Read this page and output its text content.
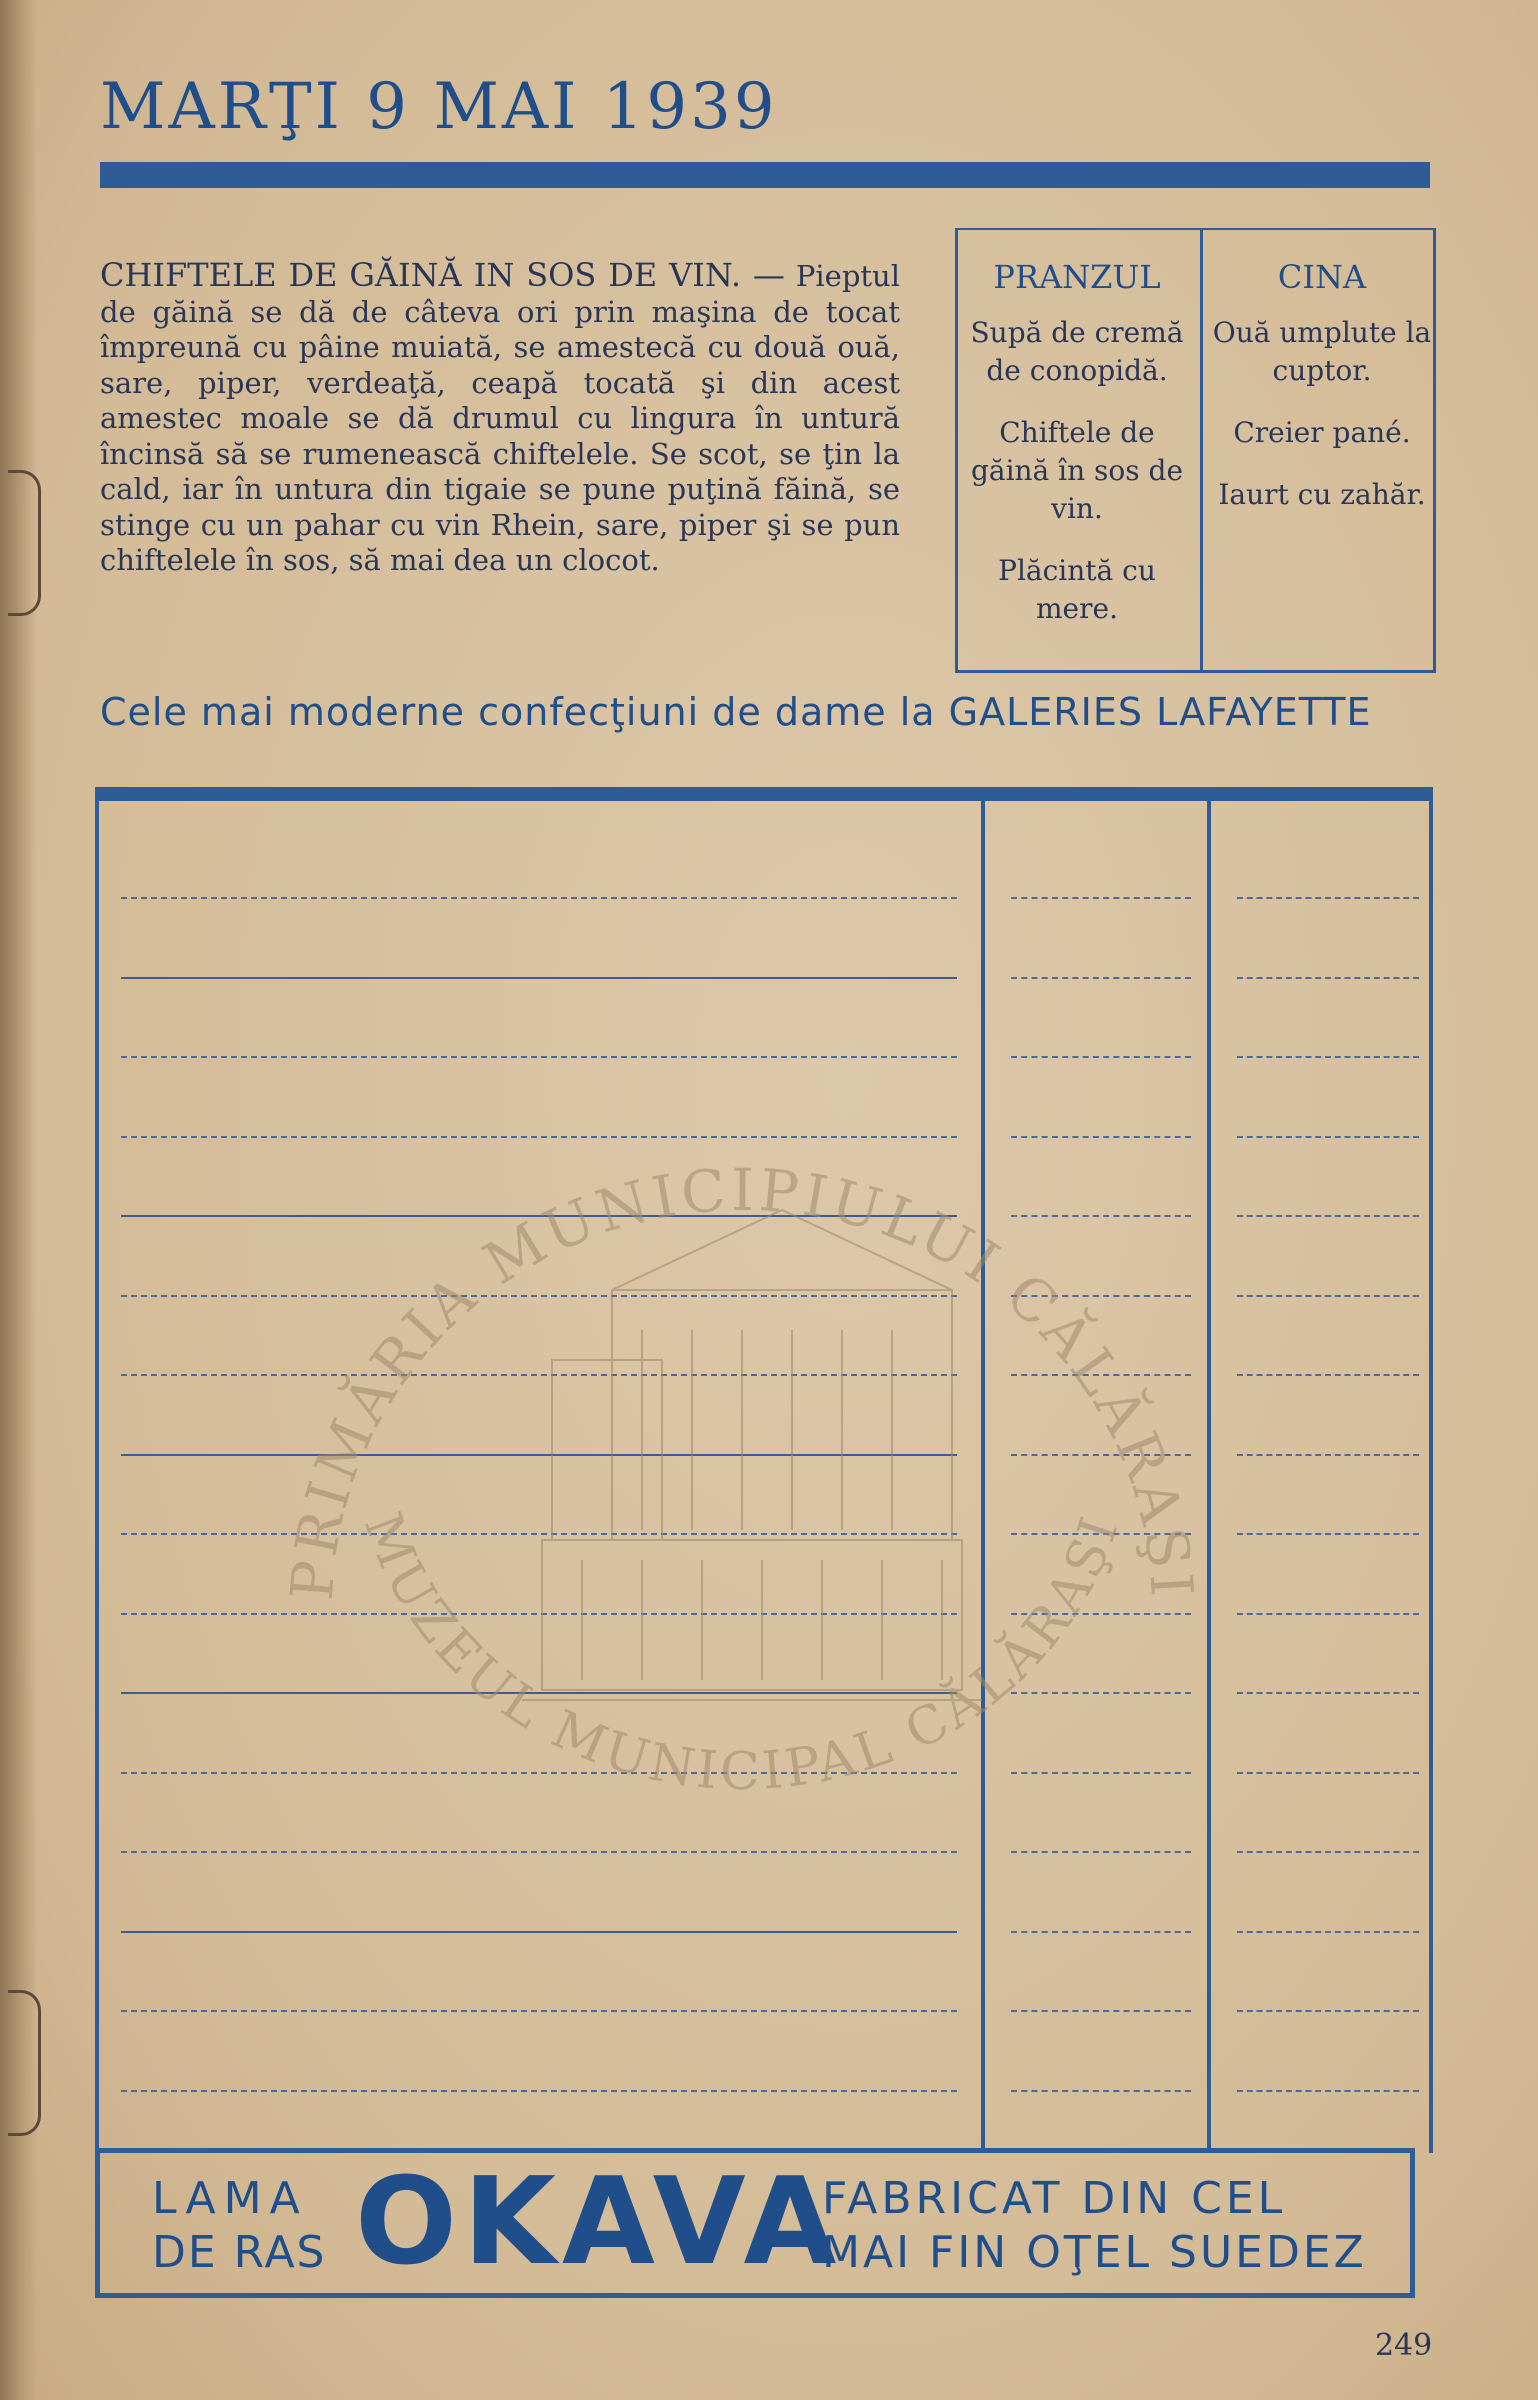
MARŢI 9 MAI 1939
CHIFTELE DE GĂINĂ IN SOS DE VIN. — Pieptul de găină se dă de câteva ori prin maşina de tocat împreună cu pâine muiată, se amestecă cu două ouă, sare, piper, verdeaţă, ceapă tocată şi din acest amestec moale se dă drumul cu lingura în untură încinsă să se rumenească chiftelele. Se scot, se ţin la cald, iar în untura din tigaie se pune puţină făină, se stinge cu un pahar cu vin Rhein, sare, piper şi se pun chiftelele în sos, să mai dea un clocot.
PRANZUL
Supă de cremă de conopidă.
Chiftele de găină în sos de vin.
Plăcintă cu mere.
CINA
Ouă umplute la cuptor.
Creier pané.
Iaurt cu zahăr.
Cele mai moderne confecţiuni de dame la GALERIES LAFAYETTE
PRIMĂRIA MUNICIPIULUI CĂLĂRAŞI
MUZEUL MUNICIPAL CĂLĂRAŞI
LAMA
DE RAS OKAVA
FABRICAT DIN CEL
MAI FIN OŢEL SUEDEZ
249
